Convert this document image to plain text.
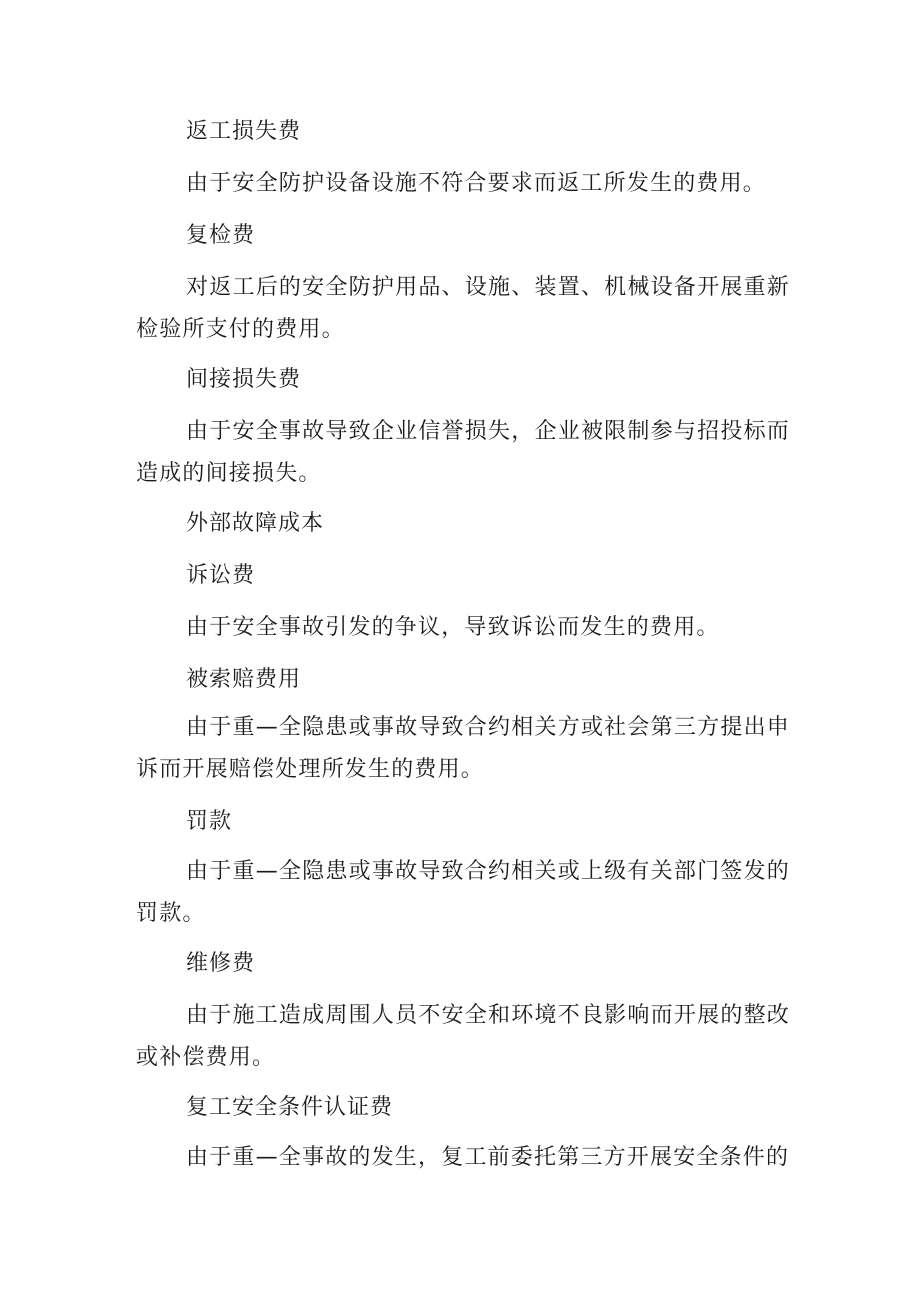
返工损失费

由于安全防护设备设施不符合要求而返工所发生的费用。

复检费

对返工后的安全防护用品、设施、装置、机械设备开展重新检验所支付的费用。

间接损失费

由于安全事故导致企业信誉损失，企业被限制参与招投标而造成的间接损失。

外部故障成本

诉讼费

由于安全事故引发的争议，导致诉讼而发生的费用。

被索赔费用

由于重—全隐患或事故导致合约相关方或社会第三方提出申诉而开展赔偿处理所发生的费用。

罚款

由于重—全隐患或事故导致合约相关或上级有关部门签发的罚款。

维修费

由于施工造成周围人员不安全和环境不良影响而开展的整改或补偿费用。

复工安全条件认证费

由于重—全事故的发生，复工前委托第三方开展安全条件的
